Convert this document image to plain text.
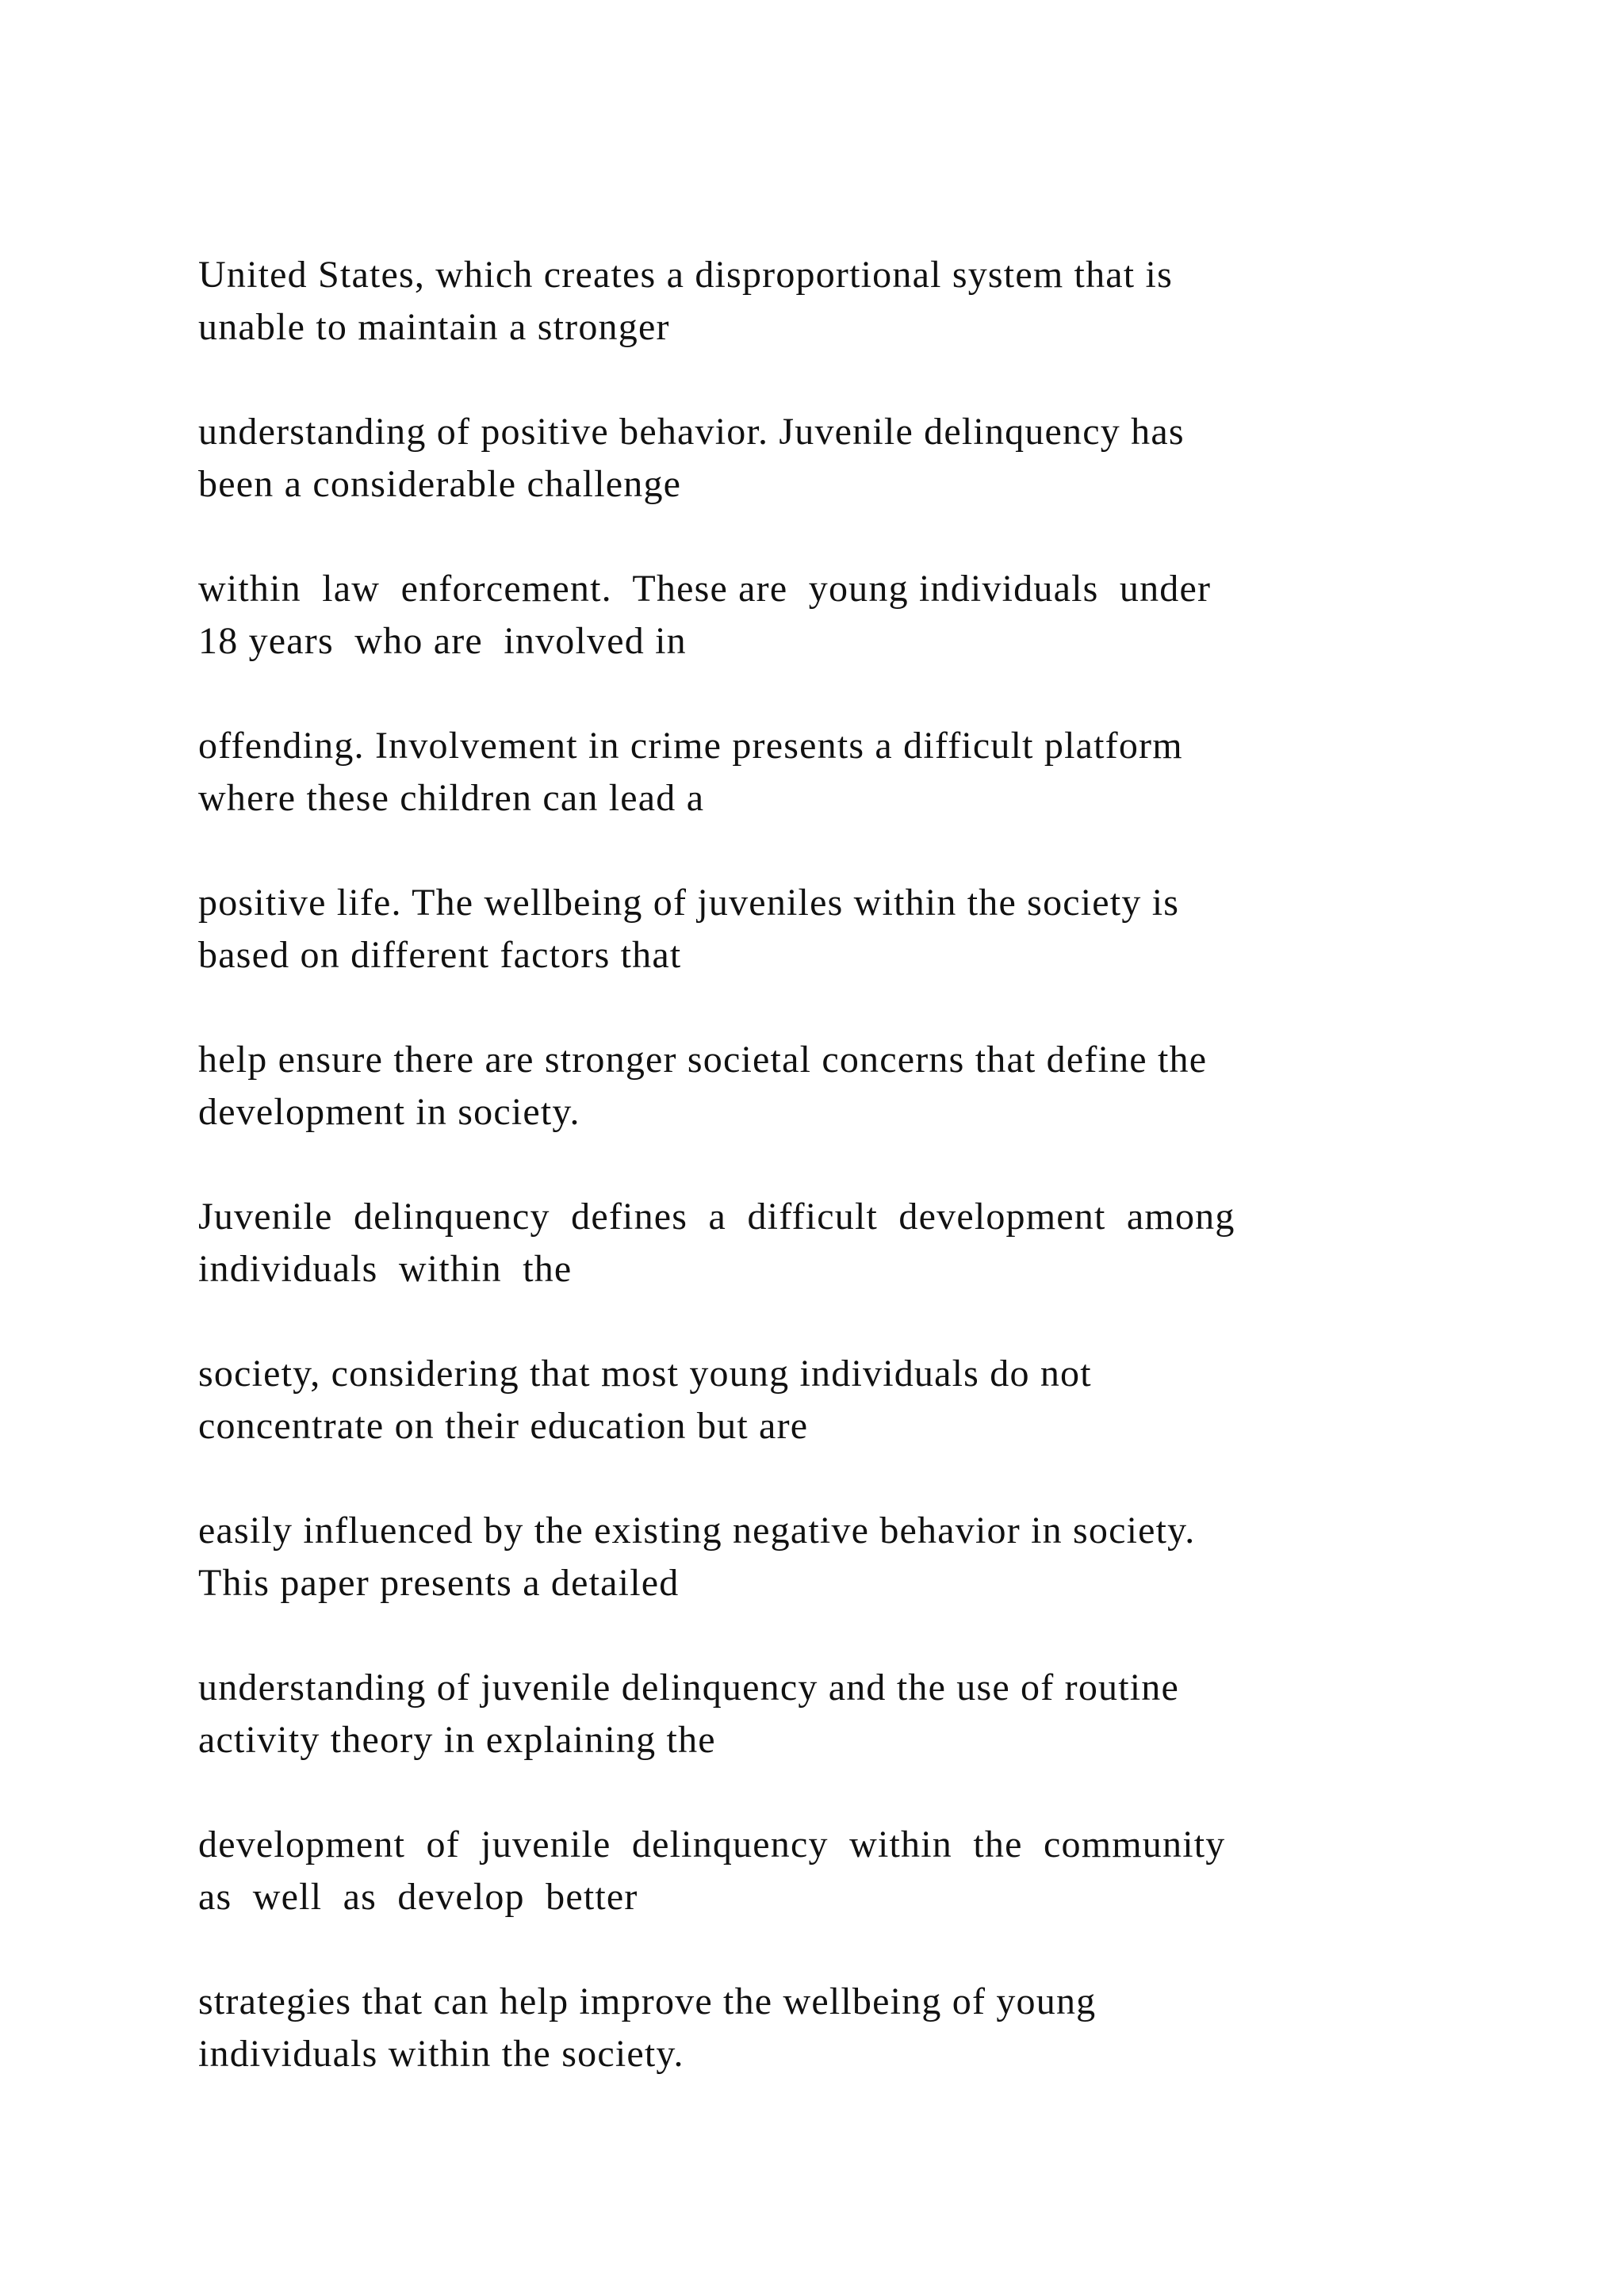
United States, which creates a disproportional system that is
unable to maintain a stronger

understanding of positive behavior. Juvenile delinquency has
been a considerable challenge

within  law  enforcement.  These are  young individuals  under
18 years  who are  involved in

offending. Involvement in crime presents a difficult platform
where these children can lead a

positive life. The wellbeing of juveniles within the society is
based on different factors that

help ensure there are stronger societal concerns that define the
development in society.

Juvenile  delinquency  defines  a  difficult  development  among
individuals  within  the

society, considering that most young individuals do not
concentrate on their education but are

easily influenced by the existing negative behavior in society.
This paper presents a detailed

understanding of juvenile delinquency and the use of routine
activity theory in explaining the

development  of  juvenile  delinquency  within  the  community
as  well  as  develop  better

strategies that can help improve the wellbeing of young
individuals within the society.
